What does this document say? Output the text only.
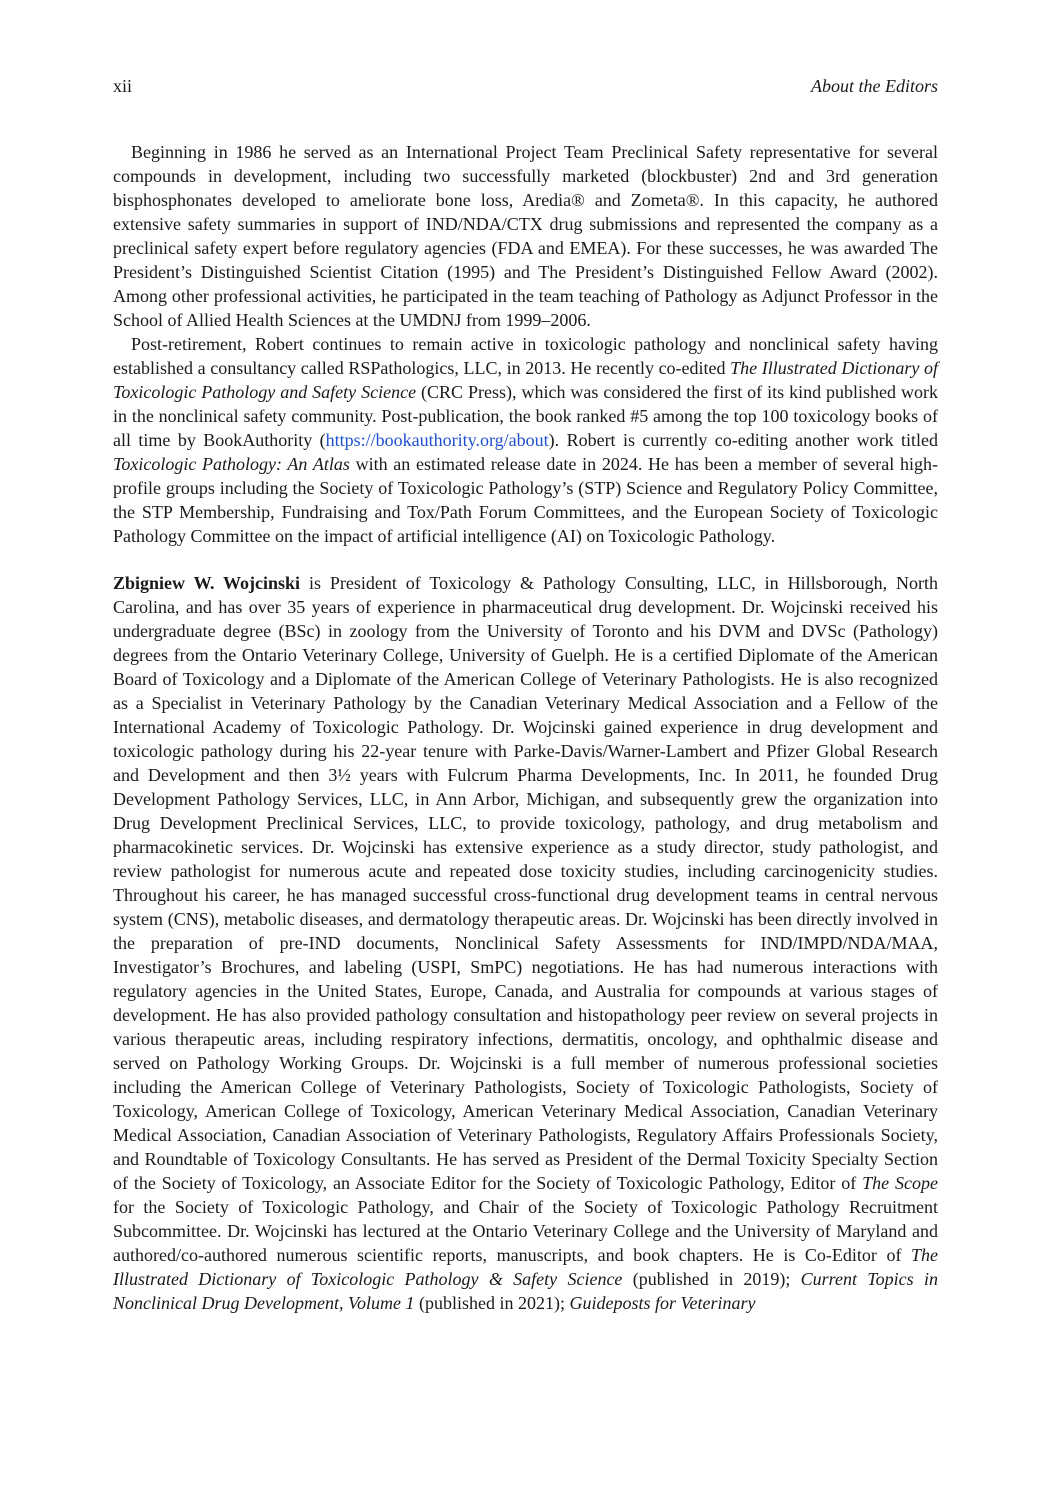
xii	About the Editors

Beginning in 1986 he served as an International Project Team Preclinical Safety representative for several compounds in development, including two successfully marketed (blockbuster) 2nd and 3rd generation bisphosphonates developed to ameliorate bone loss, Aredia® and Zometa®. In this capacity, he authored extensive safety summaries in support of IND/NDA/CTX drug submissions and represented the company as a preclinical safety expert before regulatory agencies (FDA and EMEA). For these successes, he was awarded The President’s Distinguished Scientist Citation (1995) and The President’s Distinguished Fellow Award (2002). Among other professional activities, he participated in the team teaching of Pathology as Adjunct Professor in the School of Allied Health Sciences at the UMDNJ from 1999–2006.

Post-retirement, Robert continues to remain active in toxicologic pathology and nonclinical safety having established a consultancy called RSPathologics, LLC, in 2013. He recently co-edited The Illustrated Dictionary of Toxicologic Pathology and Safety Science (CRC Press), which was considered the first of its kind published work in the nonclinical safety community. Post-publication, the book ranked #5 among the top 100 toxicology books of all time by BookAuthority (https://bookauthority.org/about). Robert is currently co-editing another work titled Toxicologic Pathology: An Atlas with an estimated release date in 2024. He has been a member of several high-profile groups including the Society of Toxicologic Pathology’s (STP) Science and Regulatory Policy Committee, the STP Membership, Fundraising and Tox/Path Forum Committees, and the European Society of Toxicologic Pathology Committee on the impact of artificial intelligence (AI) on Toxicologic Pathology.

Zbigniew W. Wojcinski is President of Toxicology & Pathology Consulting, LLC, in Hillsborough, North Carolina, and has over 35 years of experience in pharmaceutical drug development. Dr. Wojcinski received his undergraduate degree (BSc) in zoology from the University of Toronto and his DVM and DVSc (Pathology) degrees from the Ontario Veterinary College, University of Guelph. He is a certified Diplomate of the American Board of Toxicology and a Diplomate of the American College of Veterinary Pathologists. He is also recognized as a Specialist in Veterinary Pathology by the Canadian Veterinary Medical Association and a Fellow of the International Academy of Toxicologic Pathology. Dr. Wojcinski gained experience in drug development and toxicologic pathology during his 22-year tenure with Parke-Davis/Warner-Lambert and Pfizer Global Research and Development and then 3½ years with Fulcrum Pharma Developments, Inc. In 2011, he founded Drug Development Pathology Services, LLC, in Ann Arbor, Michigan, and subsequently grew the organization into Drug Development Preclinical Services, LLC, to provide toxicology, pathology, and drug metabolism and pharmacokinetic services. Dr. Wojcinski has extensive experience as a study director, study pathologist, and review pathologist for numerous acute and repeated dose toxicity studies, including carcinogenicity studies. Throughout his career, he has managed successful cross-functional drug development teams in central nervous system (CNS), metabolic diseases, and dermatology therapeutic areas. Dr. Wojcinski has been directly involved in the preparation of pre-IND documents, Nonclinical Safety Assessments for IND/IMPD/NDA/MAA, Investigator’s Brochures, and labeling (USPI, SmPC) negotiations. He has had numerous interactions with regulatory agencies in the United States, Europe, Canada, and Australia for compounds at various stages of development. He has also provided pathology consultation and histopathology peer review on several projects in various therapeutic areas, including respiratory infections, dermatitis, oncology, and ophthalmic disease and served on Pathology Working Groups. Dr. Wojcinski is a full member of numerous professional societies including the American College of Veterinary Pathologists, Society of Toxicologic Pathologists, Society of Toxicology, American College of Toxicology, American Veterinary Medical Association, Canadian Veterinary Medical Association, Canadian Association of Veterinary Pathologists, Regulatory Affairs Professionals Society, and Roundtable of Toxicology Consultants. He has served as President of the Dermal Toxicity Specialty Section of the Society of Toxicology, an Associate Editor for the Society of Toxicologic Pathology, Editor of The Scope for the Society of Toxicologic Pathology, and Chair of the Society of Toxicologic Pathology Recruitment Subcommittee. Dr. Wojcinski has lectured at the Ontario Veterinary College and the University of Maryland and authored/co-authored numerous scientific reports, manuscripts, and book chapters. He is Co-Editor of The Illustrated Dictionary of Toxicologic Pathology & Safety Science (published in 2019); Current Topics in Nonclinical Drug Development, Volume 1 (published in 2021); Guideposts for Veterinary
